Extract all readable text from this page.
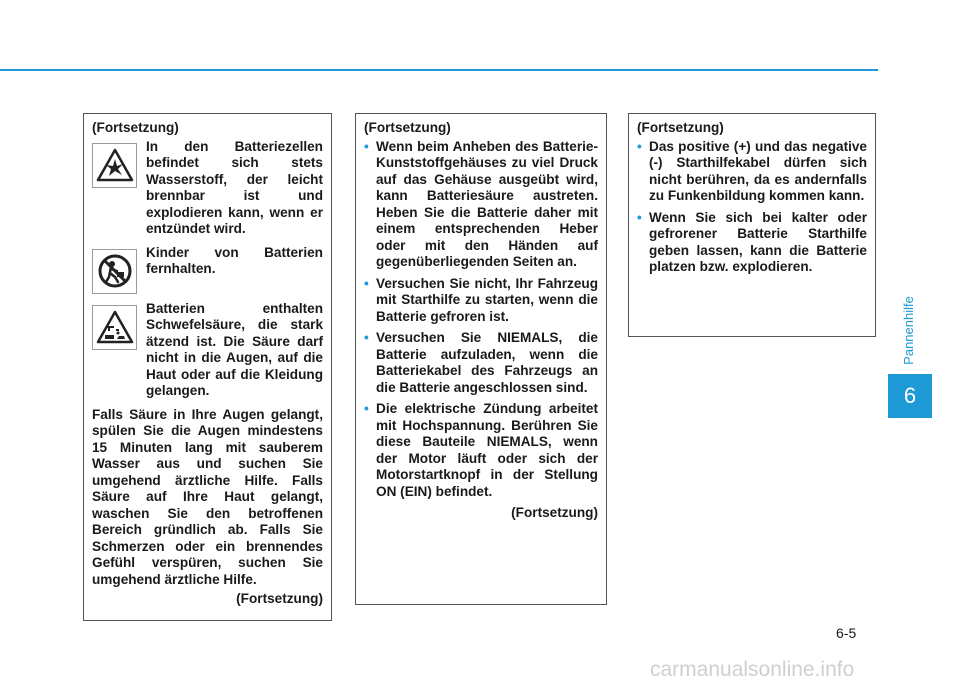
Pannenhilfe
6
(Fortsetzung)
In den Batteriezellen befindet sich stets Wasserstoff, der leicht brennbar ist und explodieren kann, wenn er entzündet wird.
Kinder von Batterien fernhalten.
Batterien enthalten Schwefelsäure, die stark ätzend ist. Die Säure darf nicht in die Augen, auf die Haut oder auf die Kleidung gelangen.
Falls Säure in Ihre Augen gelangt, spülen Sie die Augen mindestens 15 Minuten lang mit sauberem Wasser aus und suchen Sie umgehend ärztliche Hilfe. Falls Säure auf Ihre Haut gelangt, waschen Sie den betroffenen Bereich gründlich ab. Falls Sie Schmerzen oder ein brennendes Gefühl verspüren, suchen Sie umgehend ärztliche Hilfe.
(Fortsetzung)
(Fortsetzung)
• Wenn beim Anheben des Batterie-Kunststoffgehäuses zu viel Druck auf das Gehäuse ausgeübt wird, kann Batteriesäure austreten. Heben Sie die Batterie daher mit einem entsprechenden Heber oder mit den Händen auf gegenüberliegenden Seiten an.
• Versuchen Sie nicht, Ihr Fahrzeug mit Starthilfe zu starten, wenn die Batterie gefroren ist.
• Versuchen Sie NIEMALS, die Batterie aufzuladen, wenn die Batteriekabel des Fahrzeugs an die Batterie angeschlossen sind.
• Die elektrische Zündung arbeitet mit Hochspannung. Berühren Sie diese Bauteile NIEMALS, wenn der Motor läuft oder sich der Motorstartknopf in der Stellung ON (EIN) befindet.
(Fortsetzung)
(Fortsetzung)
• Das positive (+) und das negative (-) Starthilfekabel dürfen sich nicht berühren, da es andernfalls zu Funkenbildung kommen kann.
• Wenn Sie sich bei kalter oder gefrorener Batterie Starthilfe geben lassen, kann die Batterie platzen bzw. explodieren.
6-5
carmanualsonline.info
